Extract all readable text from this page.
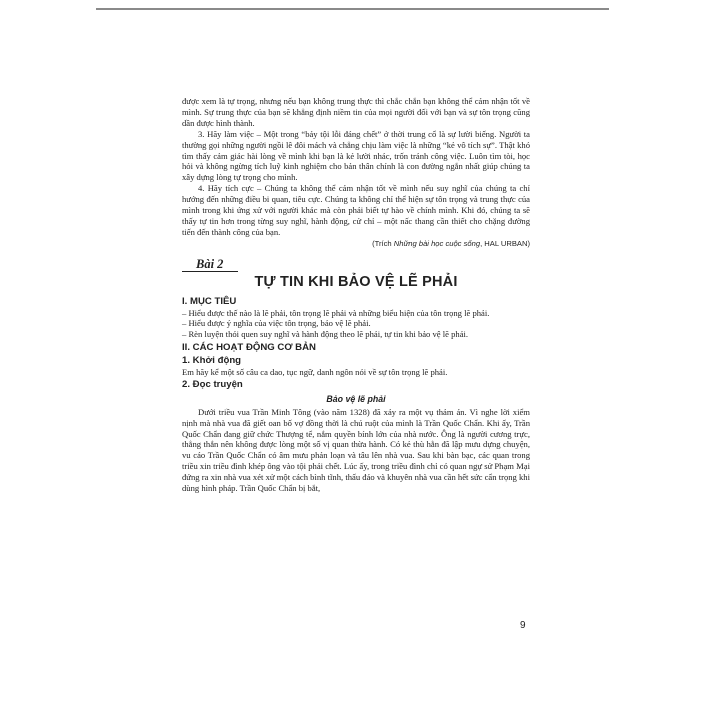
được xem là tự trọng, nhưng nếu bạn không trung thực thì chắc chắn bạn không thể cảm nhận tốt về mình. Sự trung thực của bạn sẽ khẳng định niềm tin của mọi người đối với bạn và sự tôn trọng cũng dần được hình thành.

3. Hãy làm việc – Một trong “bảy tội lỗi đáng chết” ở thời trung cổ là sự lười biếng. Người ta thường gọi những người ngồi lê đôi mách và chẳng chịu làm việc là những “kẻ vô tích sự”. Thật khó tìm thấy cảm giác hài lòng về mình khi bạn là kẻ lười nhác, trốn tránh công việc. Luôn tìm tòi, học hỏi và không ngừng tích luỹ kinh nghiệm cho bản thân chính là con đường ngắn nhất giúp chúng ta xây dựng lòng tự trọng cho mình.

4. Hãy tích cực – Chúng ta không thể cảm nhận tốt về mình nếu suy nghĩ của chúng ta chỉ hướng đến những điều bi quan, tiêu cực. Chúng ta không chỉ thể hiện sự tôn trọng và trung thực của mình trong khi ứng xử với người khác mà còn phải biết tự hào về chính mình. Khi đó, chúng ta sẽ thấy tự tin hơn trong từng suy nghĩ, hành động, cử chỉ – một nấc thang cần thiết cho chặng đường tiến đến thành công của bạn.

(Trích Những bài học cuộc sống, HAL URBAN)

Bài 2
TỰ TIN KHI BẢO VỆ LẼ PHẢI
I. MỤC TIÊU

– Hiểu được thế nào là lẽ phải, tôn trọng lẽ phải và những biểu hiện của tôn trọng lẽ phải.

– Hiểu được ý nghĩa của việc tôn trọng, bảo vệ lẽ phải.

– Rèn luyện thói quen suy nghĩ và hành động theo lẽ phải, tự tin khi bảo vệ lẽ phải.

II. CÁC HOẠT ĐỘNG CƠ BẢN
1. Khởi động

Em hãy kể một số câu ca dao, tục ngữ, danh ngôn nói về sự tôn trọng lẽ phải.

2. Đọc truyện
Bảo vệ lẽ phải

Dưới triều vua Trần Minh Tông (vào năm 1328) đã xảy ra một vụ thảm án. Vì nghe lời xiểm nịnh mà nhà vua đã giết oan bố vợ đồng thời là chú ruột của mình là Trần Quốc Chẩn. Khi ấy, Trần Quốc Chẩn đang giữ chức Thượng tể, nắm quyền bính lớn của nhà nước. Ông là người cương trực, thẳng thắn nên không được lòng một số vị quan thừa hành. Có kẻ thù hằn đã lập mưu dựng chuyện, vu cáo Trần Quốc Chẩn có âm mưu phản loạn và tâu lên nhà vua. Sau khi bàn bạc, các quan trong triều xin triều đình khép ông vào tội phải chết. Lúc ấy, trong triều đình chỉ có quan ngự sử Phạm Mại đứng ra xin nhà vua xét xử một cách bình tĩnh, thấu đáo và khuyên nhà vua cần hết sức cẩn trọng khi dùng hình pháp. Trần Quốc Chẩn bị bắt,

9
